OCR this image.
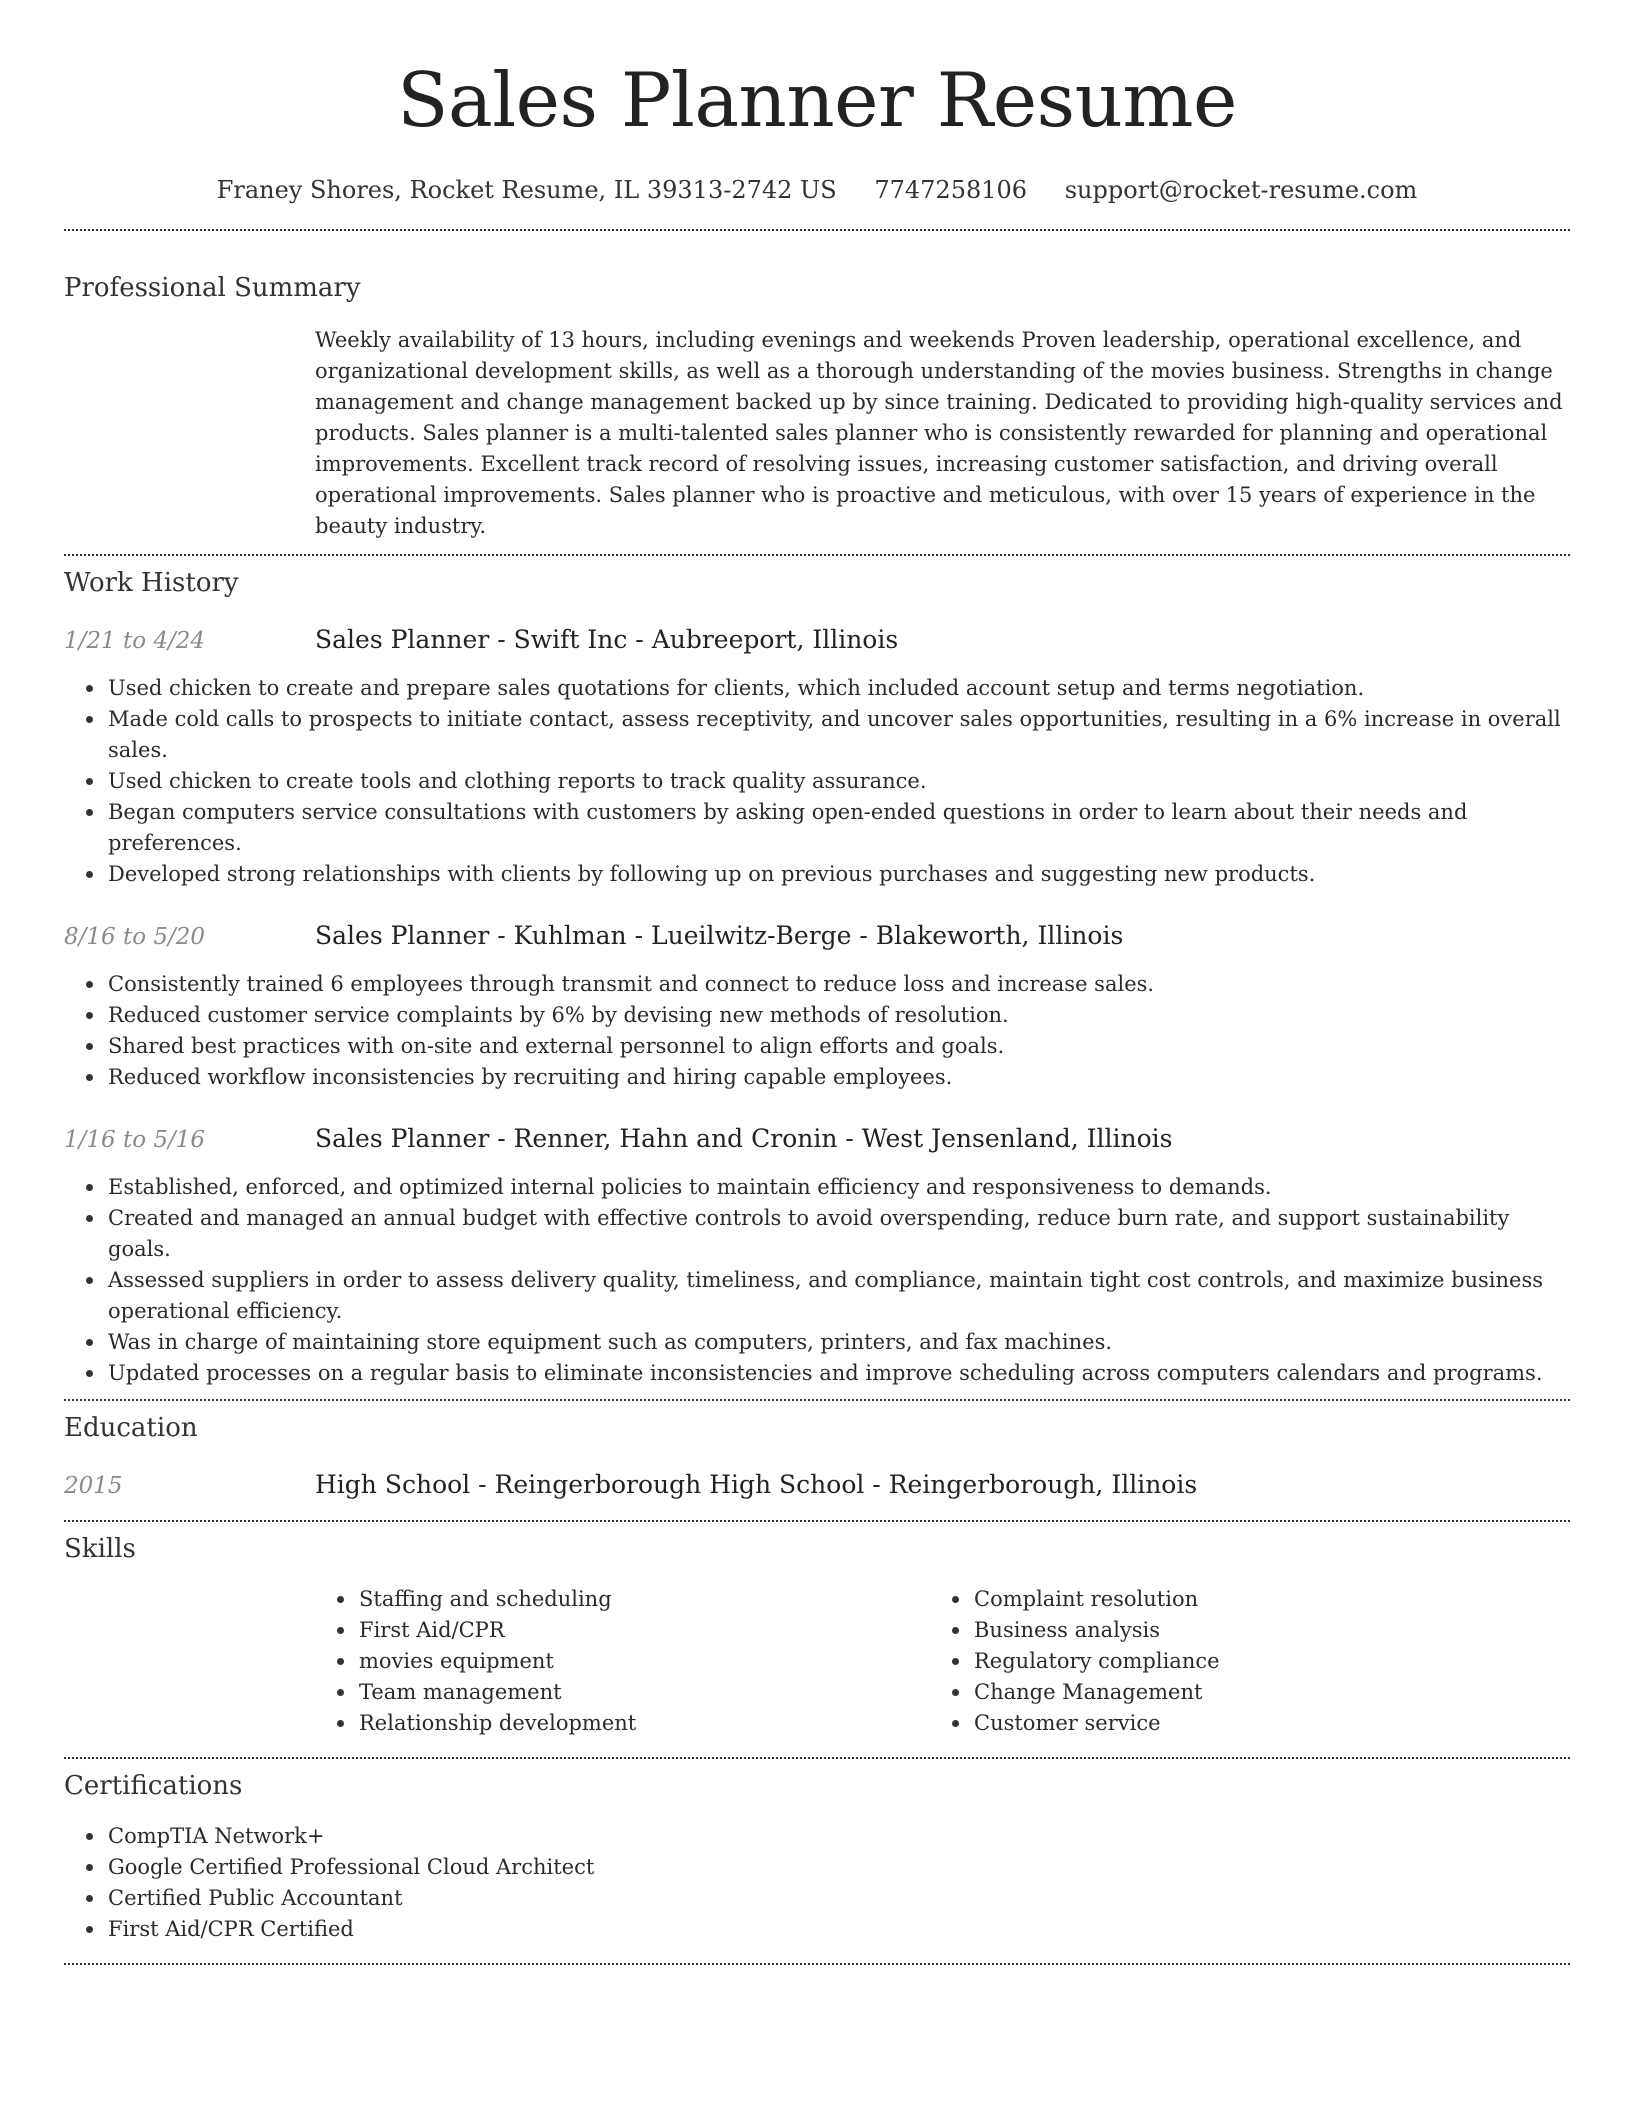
Sales Planner Resume
Franey Shores, Rocket Resume, IL 39313-2742 US 7747258106 support@rocket-resume.com
Professional Summary

Weekly availability of 13 hours, including evenings and weekends Proven leadership, operational excellence, and organizational development skills, as well as a thorough understanding of the movies business. Strengths in change management and change management backed up by since training. Dedicated to providing high-quality services and products. Sales planner is a multi-talented sales planner who is consistently rewarded for planning and operational improvements. Excellent track record of resolving issues, increasing customer satisfaction, and driving overall operational improvements. Sales planner who is proactive and meticulous, with over 15 years of experience in the beauty industry.

Work History
1/21 to 4/24	Sales Planner - Swift Inc - Aubreeport, Illinois
Used chicken to create and prepare sales quotations for clients, which included account setup and terms negotiation.
Made cold calls to prospects to initiate contact, assess receptivity, and uncover sales opportunities, resulting in a 6% increase in overall sales.
Used chicken to create tools and clothing reports to track quality assurance.
Began computers service consultations with customers by asking open-ended questions in order to learn about their needs and preferences.
Developed strong relationships with clients by following up on previous purchases and suggesting new products.
8/16 to 5/20	Sales Planner - Kuhlman - Lueilwitz-Berge - Blakeworth, Illinois
Consistently trained 6 employees through transmit and connect to reduce loss and increase sales.
Reduced customer service complaints by 6% by devising new methods of resolution.
Shared best practices with on-site and external personnel to align efforts and goals.
Reduced workflow inconsistencies by recruiting and hiring capable employees.
1/16 to 5/16	Sales Planner - Renner, Hahn and Cronin - West Jensenland, Illinois
Established, enforced, and optimized internal policies to maintain efficiency and responsiveness to demands.
Created and managed an annual budget with effective controls to avoid overspending, reduce burn rate, and support sustainability goals.
Assessed suppliers in order to assess delivery quality, timeliness, and compliance, maintain tight cost controls, and maximize business operational efficiency.
Was in charge of maintaining store equipment such as computers, printers, and fax machines.
Updated processes on a regular basis to eliminate inconsistencies and improve scheduling across computers calendars and programs.
Education
2015	High School - Reingerborough High School - Reingerborough, Illinois
Skills
Staffing and scheduling
First Aid/CPR
movies equipment
Team management
Relationship development
Complaint resolution
Business analysis
Regulatory compliance
Change Management
Customer service
Certifications
CompTIA Network+
Google Certified Professional Cloud Architect
Certified Public Accountant
First Aid/CPR Certified
